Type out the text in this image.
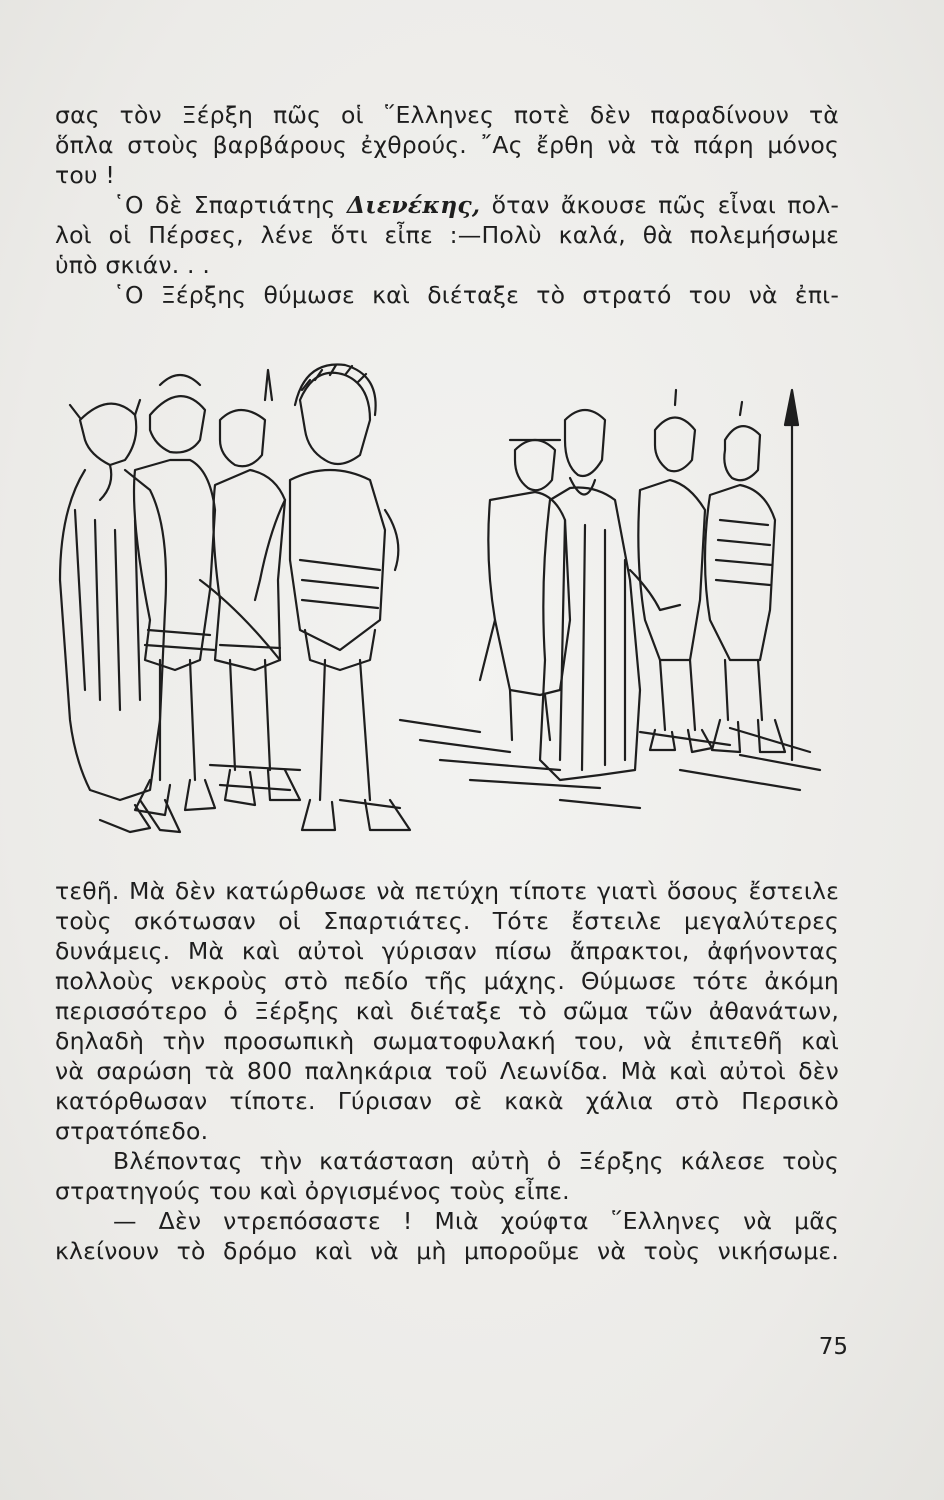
σας τὸν Ξέρξη πῶς οἱ ῞Ελληνες ποτὲ δὲν παραδίνουν τὰ
ὅπλα στοὺς βαρβάρους ἐχθρούς. ῎Ας ἔρθη νὰ τὰ πάρη μόνος
του !
῾Ο δὲ Σπαρτιάτης Διενέκης, ὅταν ἄκουσε πῶς εἶναι πολ-
λοὶ οἱ Πέρσες, λένε ὅτι εἶπε :—Πολὺ καλά, θὰ πολεμήσωμε
ὑπὸ σκιάν. . .
῾Ο Ξέρξης θύμωσε καὶ διέταξε τὸ στρατό του νὰ ἐπι-
τεθῆ. Μὰ δὲν κατώρθωσε νὰ πετύχη τίποτε γιατὶ ὅσους ἔστειλε
τοὺς σκότωσαν οἱ Σπαρτιάτες. Τότε ἔστειλε μεγαλύτερες
δυνάμεις. Μὰ καὶ αὐτοὶ γύρισαν πίσω ἄπρακτοι, ἀφήνοντας
πολλοὺς νεκροὺς στὸ πεδίο τῆς μάχης. Θύμωσε τότε ἀκόμη
περισσότερο ὁ Ξέρξης καὶ διέταξε τὸ σῶμα τῶν ἀθανάτων,
δηλαδὴ τὴν προσωπικὴ σωματοφυλακή του, νὰ ἐπιτεθῆ καὶ
νὰ σαρώση τὰ 800 παληκάρια τοῦ Λεωνίδα. Μὰ καὶ αὐτοὶ δὲν
κατόρθωσαν τίποτε. Γύρισαν σὲ κακὰ χάλια στὸ Περσικὸ
στρατόπεδο.
Βλέποντας τὴν κατάσταση αὐτὴ ὁ Ξέρξης κάλεσε τοὺς
στρατηγούς του καὶ ὀργισμένος τοὺς εἶπε.
— Δὲν ντρεπόσαστε ! Μιὰ χούφτα ῞Ελληνες νὰ μᾶς
κλείνουν τὸ δρόμο καὶ νὰ μὴ μποροῦμε νὰ τοὺς νικήσωμε.
75
